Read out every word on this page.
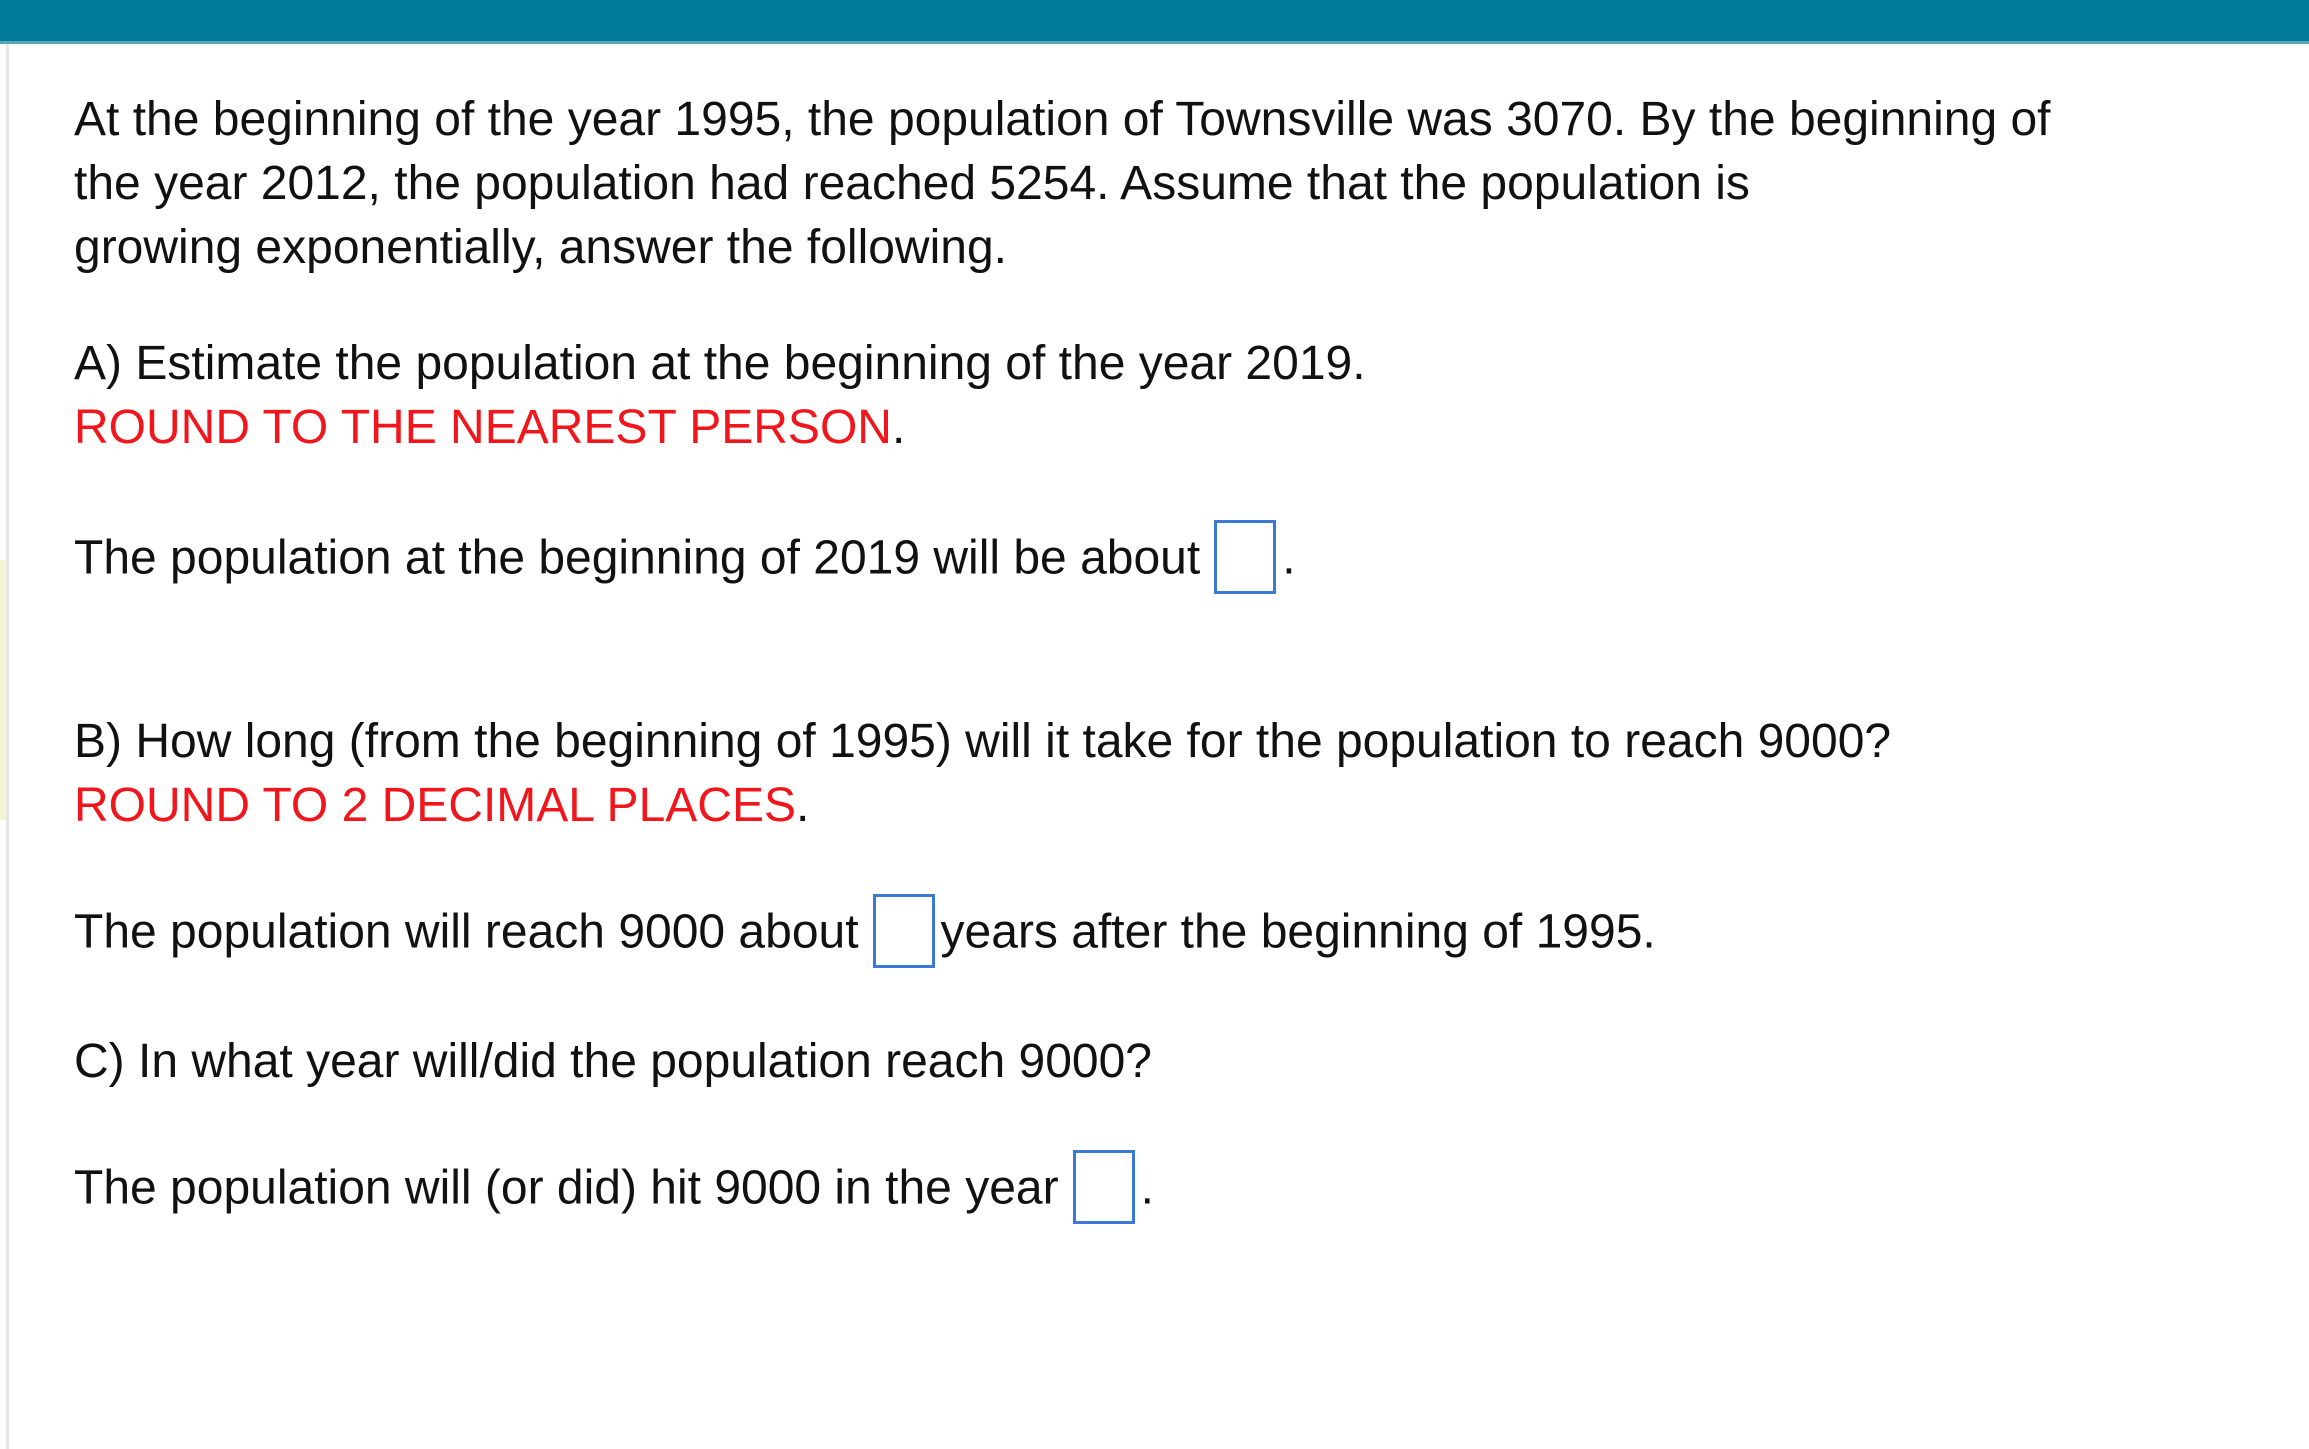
At the beginning of the year 1995, the population of Townsville was 3070. By the beginning of
the year 2012, the population had reached 5254. Assume that the population is
growing exponentially, answer the following.
A) Estimate the population at the beginning of the year 2019.
ROUND TO THE NEAREST PERSON.
The population at the beginning of 2019 will be about .
B) How long (from the beginning of 1995) will it take for the population to reach 9000?
ROUND TO 2 DECIMAL PLACES.
The population will reach 9000 about years after the beginning of 1995.
C) In what year will/did the population reach 9000?
The population will (or did) hit 9000 in the year .
